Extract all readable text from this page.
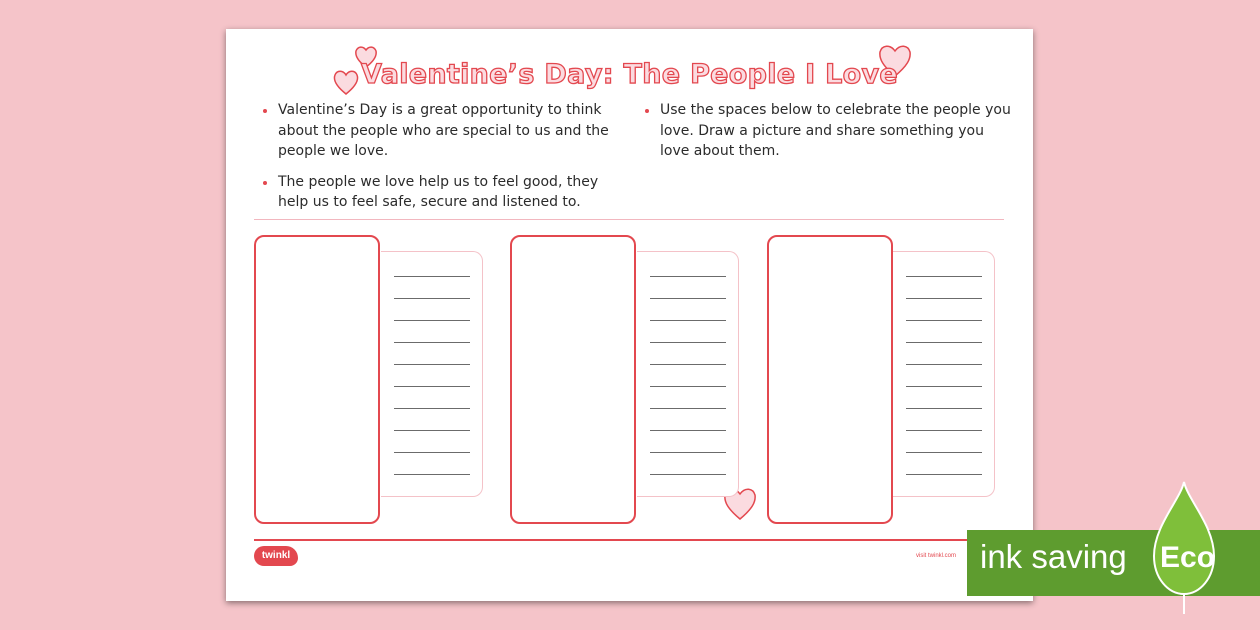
Valentine’s Day: The People I Love
Valentine’s Day is a great opportunity to think about the people who are special to us and the people we love.
The people we love help us to feel good, they help us to feel safe, secure and listened to.
Use the spaces below to celebrate the people you love. Draw a picture and share something you love about them.
twinkl	visit twinkl.com ink saving Eco
